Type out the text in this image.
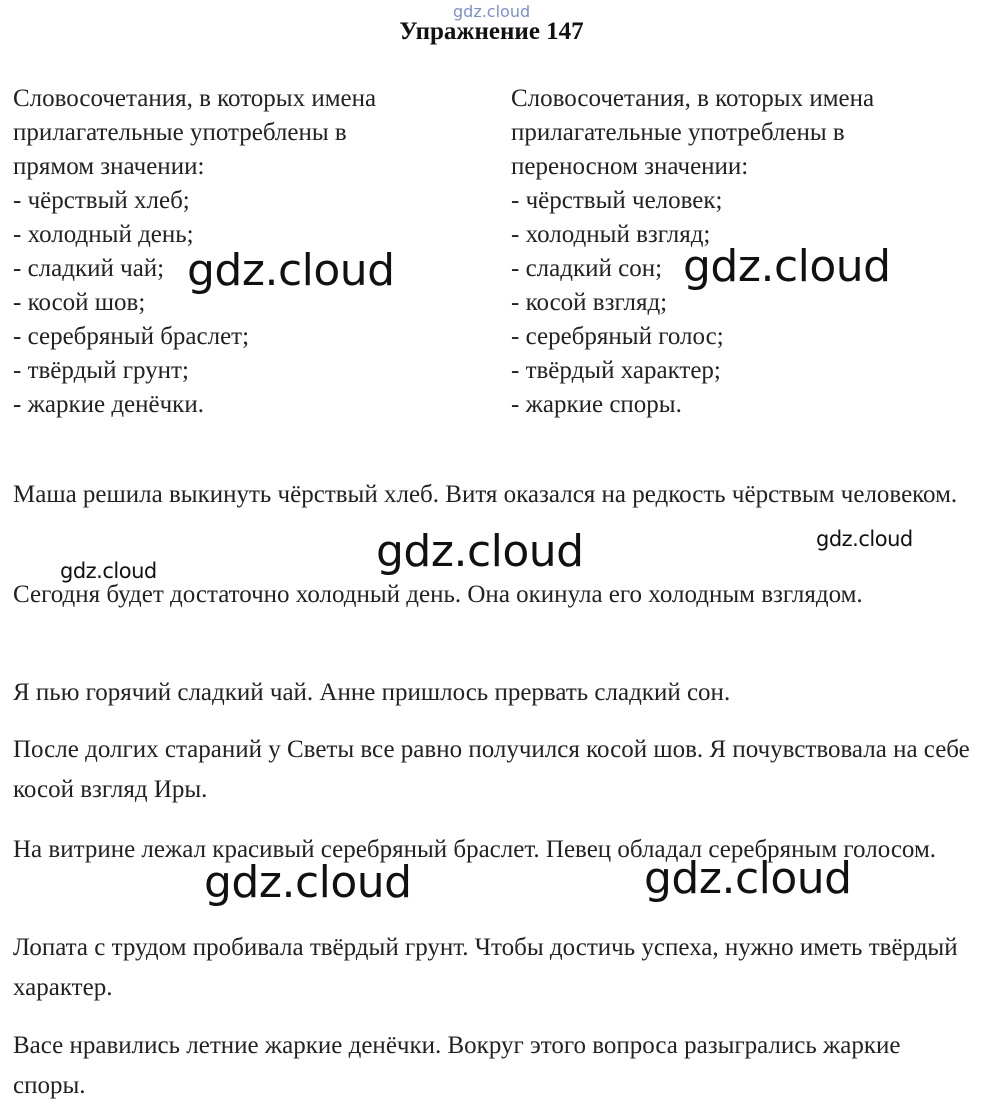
gdz.cloud
Упражнение 147

Словосочетания, в которых имена

прилагательные употреблены в

прямом значении:

- чёрствый хлеб;

- холодный день;

- сладкий чай;

- косой шов;

- серебряный браслет;

- твёрдый грунт;

- жаркие денёчки.

Словосочетания, в которых имена

прилагательные употреблены в

переносном значении:

- чёрствый человек;

- холодный взгляд;

- сладкий сон;

- косой взгляд;

- серебряный голос;

- твёрдый характер;

- жаркие споры.

Маша решила выкинуть чёрствый хлеб. Витя оказался на редкость чёрствым человеком.

Сегодня будет достаточно холодный день. Она окинула его холодным взглядом.

Я пью горячий сладкий чай. Анне пришлось прервать сладкий сон.

После долгих стараний у Светы все равно получился косой шов. Я почувствовала на себе косой взгляд Иры.

На витрине лежал красивый серебряный браслет. Певец обладал серебряным голосом.

Лопата с трудом пробивала твёрдый грунт. Чтобы достичь успеха, нужно иметь твёрдый характер.

Васе нравились летние жаркие денёчки. Вокруг этого вопроса разыгрались жаркие споры.

gdz.cloud	gdz.cloud
gdz.cloud	gdz.cloud
gdz.cloud
gdz.cloud	gdz.cloud
